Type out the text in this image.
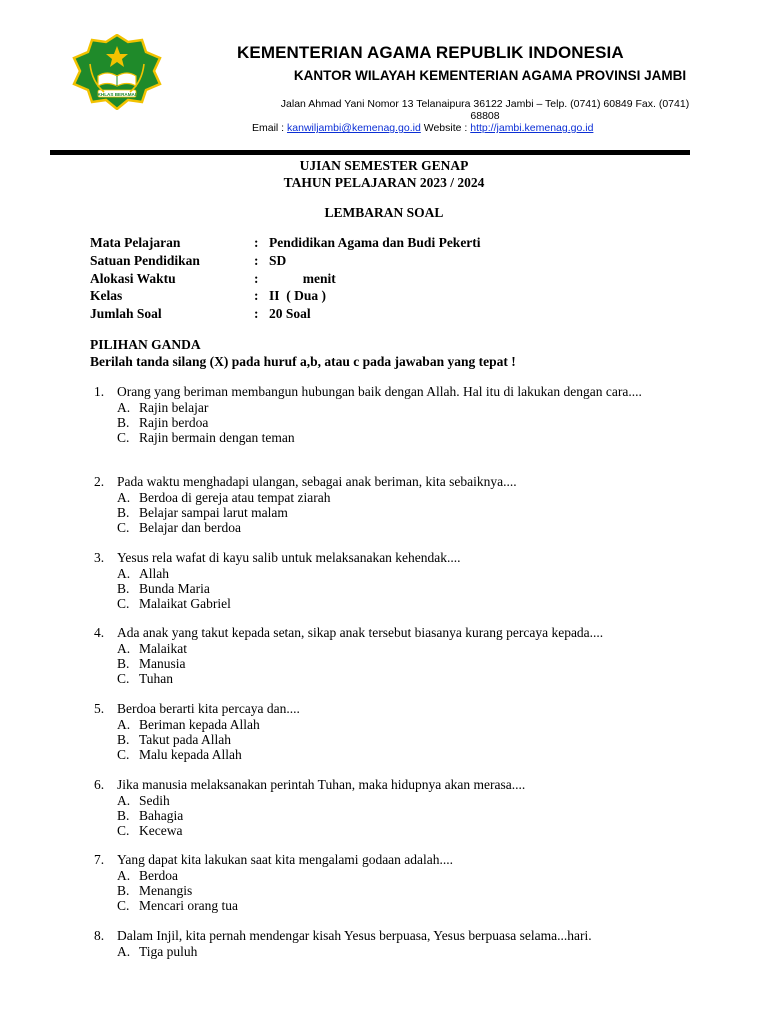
IKHLAS BERAMAL
KEMENTERIAN AGAMA REPUBLIK INDONESIA
KANTOR WILAYAH KEMENTERIAN AGAMA PROVINSI JAMBI
Jalan Ahmad Yani Nomor 13 Telanaipura 36122 Jambi – Telp. (0741) 60849 Fax. (0741) 68808
Email : kanwiljambi@kemenag.go.id Website : http://jambi.kemenag.go.id
UJIAN SEMESTER GENAP
TAHUN PELAJARAN 2023 / 2024
LEMBARAN SOAL
Mata Pelajaran	: Pendidikan Agama dan Budi Pekerti
Satuan Pendidikan	: SD
Alokasi Waktu	: menit
Kelas	: II  ( Dua )
Jumlah Soal	: 20 Soal
PILIHAN GANDA
Berilah tanda silang (X) pada huruf a,b, atau c pada jawaban yang tepat !
1. Orang yang beriman membangun hubungan baik dengan Allah. Hal itu di lakukan dengan cara....
A. Rajin belajar
B. Rajin berdoa
C. Rajin bermain dengan teman
2. Pada waktu menghadapi ulangan, sebagai anak beriman, kita sebaiknya....
A. Berdoa di gereja atau tempat ziarah
B. Belajar sampai larut malam
C. Belajar dan berdoa
3. Yesus rela wafat di kayu salib untuk melaksanakan kehendak....
A. Allah
B. Bunda Maria
C. Malaikat Gabriel
4. Ada anak yang takut kepada setan, sikap anak tersebut biasanya kurang percaya kepada....
A. Malaikat
B. Manusia
C. Tuhan
5. Berdoa berarti kita percaya dan....
A. Beriman kepada Allah
B. Takut pada Allah
C. Malu kepada Allah
6. Jika manusia melaksanakan perintah Tuhan, maka hidupnya akan merasa....
A. Sedih
B. Bahagia
C. Kecewa
7. Yang dapat kita lakukan saat kita mengalami godaan adalah....
A. Berdoa
B. Menangis
C. Mencari orang tua
8. Dalam Injil, kita pernah mendengar kisah Yesus berpuasa, Yesus berpuasa selama...hari.
A. Tiga puluh
